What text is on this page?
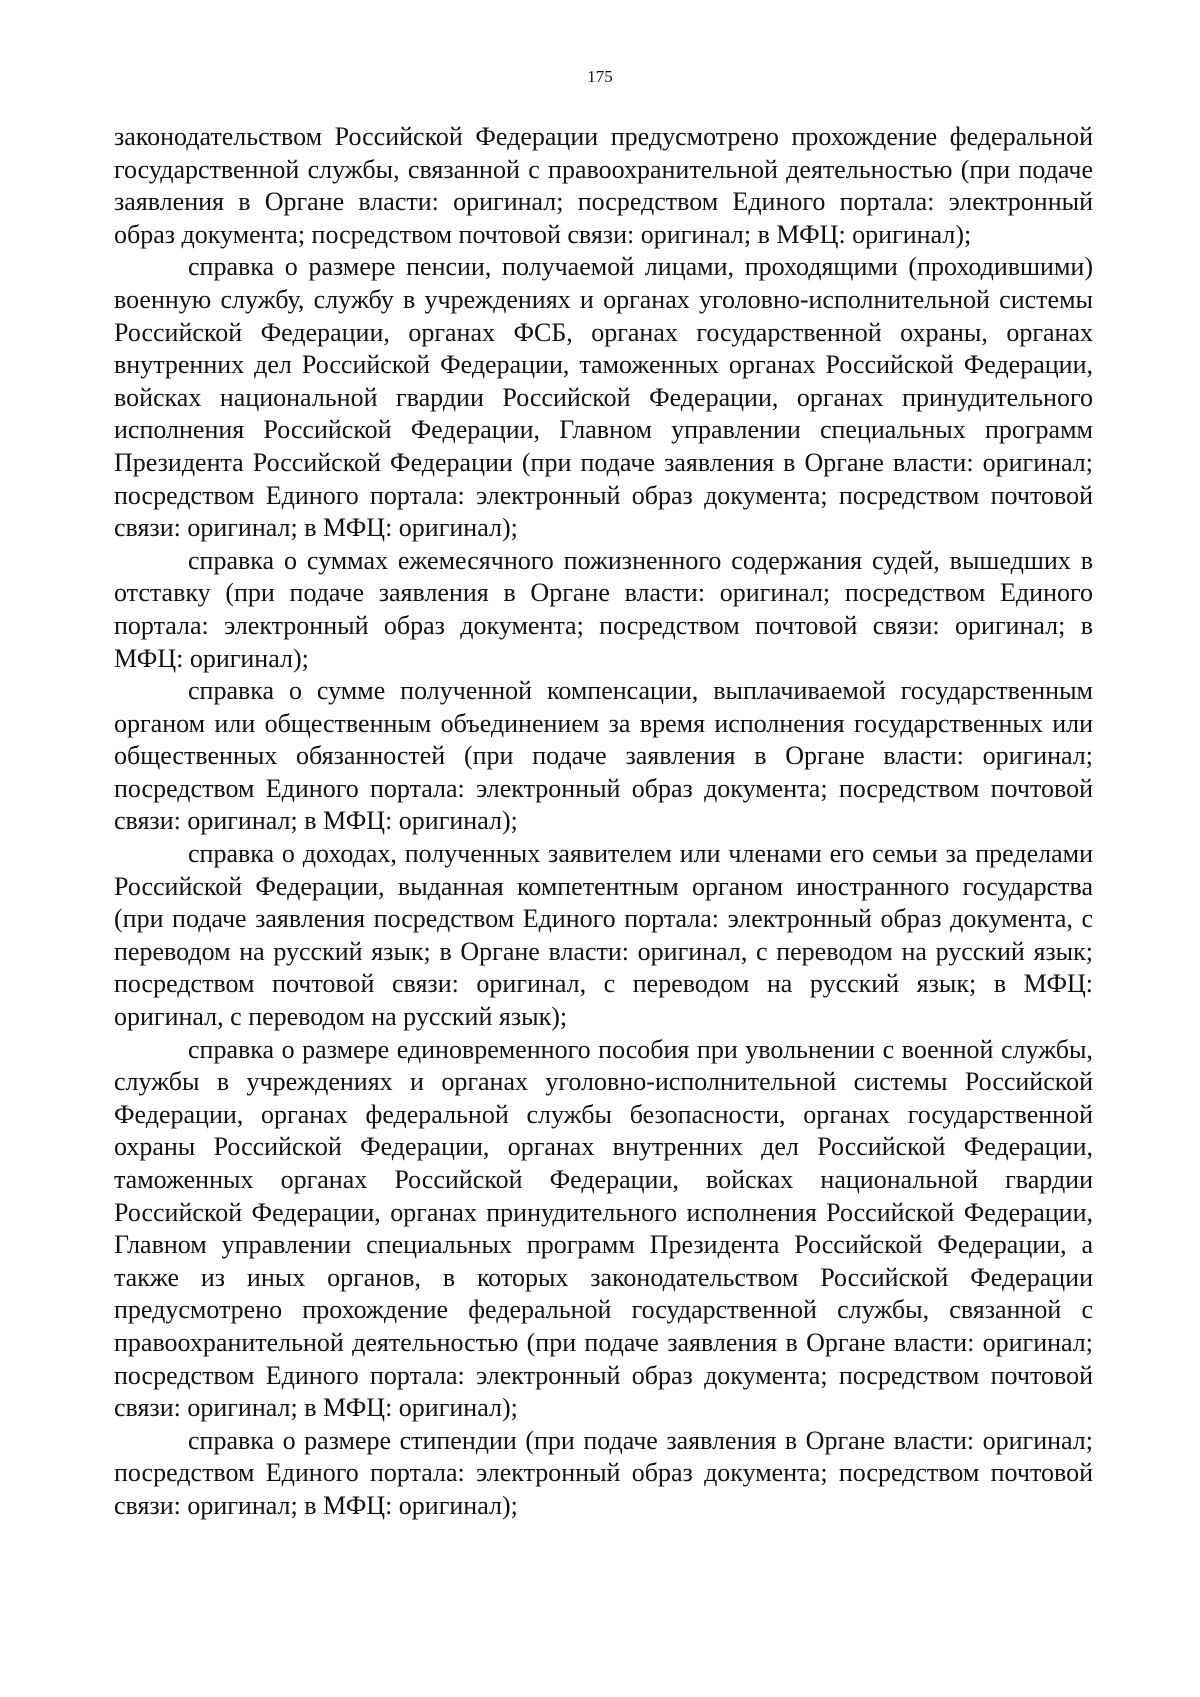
175

законодательством Российской Федерации предусмотрено прохождение федеральной государственной службы, связанной с правоохранительной деятельностью (при подаче заявления в Органе власти: оригинал; посредством Единого портала: электронный образ документа; посредством почтовой связи: оригинал; в МФЦ: оригинал);

справка о размере пенсии, получаемой лицами, проходящими (проходившими) военную службу, службу в учреждениях и органах уголовно-исполнительной системы Российской Федерации, органах ФСБ, органах государственной охраны, органах внутренних дел Российской Федерации, таможенных органах Российской Федерации, войсках национальной гвардии Российской Федерации, органах принудительного исполнения Российской Федерации, Главном управлении специальных программ Президента Российской Федерации (при подаче заявления в Органе власти: оригинал; посредством Единого портала: электронный образ документа; посредством почтовой связи: оригинал; в МФЦ: оригинал);

справка о суммах ежемесячного пожизненного содержания судей, вышедших в отставку (при подаче заявления в Органе власти: оригинал; посредством Единого портала: электронный образ документа; посредством почтовой связи: оригинал; в МФЦ: оригинал);

справка о сумме полученной компенсации, выплачиваемой государственным органом или общественным объединением за время исполнения государственных или общественных обязанностей (при подаче заявления в Органе власти: оригинал; посредством Единого портала: электронный образ документа; посредством почтовой связи: оригинал; в МФЦ: оригинал);

справка о доходах, полученных заявителем или членами его семьи за пределами Российской Федерации, выданная компетентным органом иностранного государства (при подаче заявления посредством Единого портала: электронный образ документа, с переводом на русский язык; в Органе власти: оригинал, с переводом на русский язык; посредством почтовой связи: оригинал, с переводом на русский язык; в МФЦ: оригинал, с переводом на русский язык);

справка о размере единовременного пособия при увольнении с военной службы, службы в учреждениях и органах уголовно-исполнительной системы Российской Федерации, органах федеральной службы безопасности, органах государственной охраны Российской Федерации, органах внутренних дел Российской Федерации, таможенных органах Российской Федерации, войсках национальной гвардии Российской Федерации, органах принудительного исполнения Российской Федерации, Главном управлении специальных программ Президента Российской Федерации, а также из иных органов, в которых законодательством Российской Федерации предусмотрено прохождение федеральной государственной службы, связанной с правоохранительной деятельностью (при подаче заявления в Органе власти: оригинал; посредством Единого портала: электронный образ документа; посредством почтовой связи: оригинал; в МФЦ: оригинал);

справка о размере стипендии (при подаче заявления в Органе власти: оригинал; посредством Единого портала: электронный образ документа; посредством почтовой связи: оригинал; в МФЦ: оригинал);
